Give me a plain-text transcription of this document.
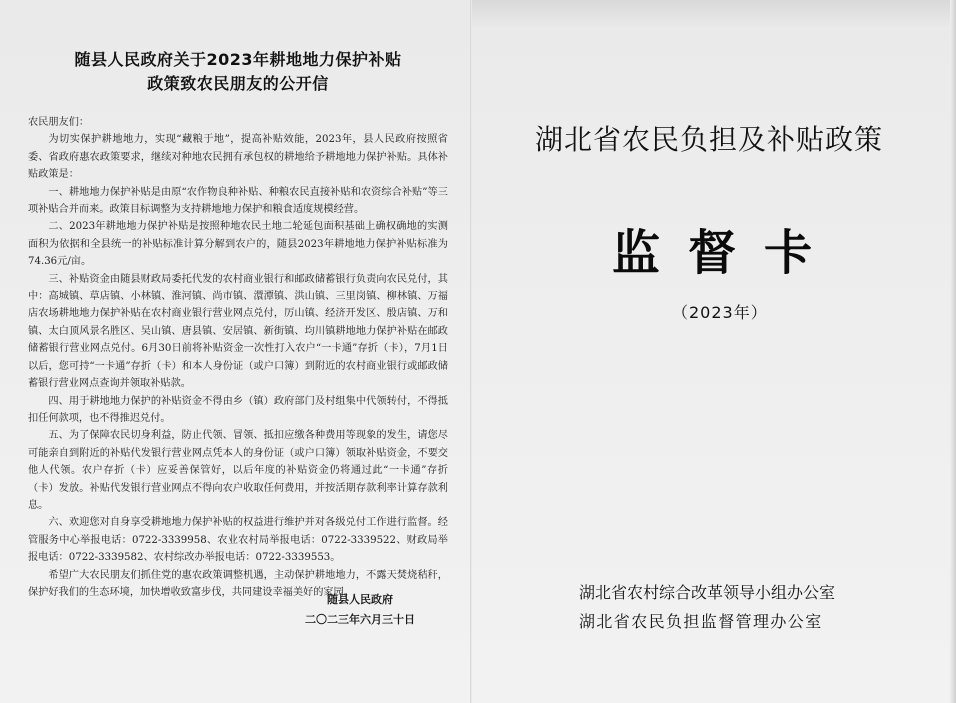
随县人民政府关于2023年耕地地力保护补贴
政策致农民朋友的公开信

农民朋友们：

为切实保护耕地地力，实现“藏粮于地”，提高补贴效能，2023年，县人民政府按照省委、省政府惠农政策要求，继续对种地农民拥有承包权的耕地给予耕地地力保护补贴。具体补贴政策是：

一、耕地地力保护补贴是由原“农作物良种补贴、种粮农民直接补贴和农资综合补贴”等三项补贴合并而来。政策目标调整为支持耕地地力保护和粮食适度规模经营。

二、2023年耕地地力保护补贴是按照种地农民土地二轮延包面积基础上确权确地的实测面积为依据和全县统一的补贴标准计算分解到农户的，随县2023年耕地地力保护补贴标准为74.36元/亩。

三、补贴资金由随县财政局委托代发的农村商业银行和邮政储蓄银行负责向农民兑付，其中：高城镇、草店镇、小林镇、淮河镇、尚市镇、澴潭镇、洪山镇、三里岗镇、柳林镇、万福店农场耕地地力保护补贴在农村商业银行营业网点兑付，厉山镇、经济开发区、殷店镇、万和镇、太白顶风景名胜区、吴山镇、唐县镇、安居镇、新街镇、均川镇耕地地力保护补贴在邮政储蓄银行营业网点兑付。6月30日前将补贴资金一次性打入农户“一卡通”存折（卡），7月1日以后，您可持“一卡通”存折（卡）和本人身份证（或户口簿）到附近的农村商业银行或邮政储蓄银行营业网点查询并领取补贴款。

四、用于耕地地力保护的补贴资金不得由乡（镇）政府部门及村组集中代领转付，不得抵扣任何款项，也不得推迟兑付。

五、为了保障农民切身利益，防止代领、冒领、抵扣应缴各种费用等现象的发生，请您尽可能亲自到附近的补贴代发银行营业网点凭本人的身份证（或户口簿）领取补贴资金，不要交他人代领。农户存折（卡）应妥善保管好，以后年度的补贴资金仍将通过此“一卡通”存折（卡）发放。补贴代发银行营业网点不得向农户收取任何费用，并按活期存款利率计算存款利息。

六、欢迎您对自身享受耕地地力保护补贴的权益进行维护并对各级兑付工作进行监督。经管服务中心举报电话：0722-3339958、农业农村局举报电话：0722-3339522、财政局举报电话：0722-3339582、农村综改办举报电话：0722-3339553。

希望广大农民朋友们抓住党的惠农政策调整机遇，主动保护耕地地力，不露天焚烧秸秆，保护好我们的生态环境，加快增收致富步伐，共同建设幸福美好的家园。

随县人民政府
二〇二三年六月三十日
湖北省农民负担及补贴政策
监督卡
（2023年）
湖北省农村综合改革领导小组办公室
湖北省农民负担监督管理办公室
